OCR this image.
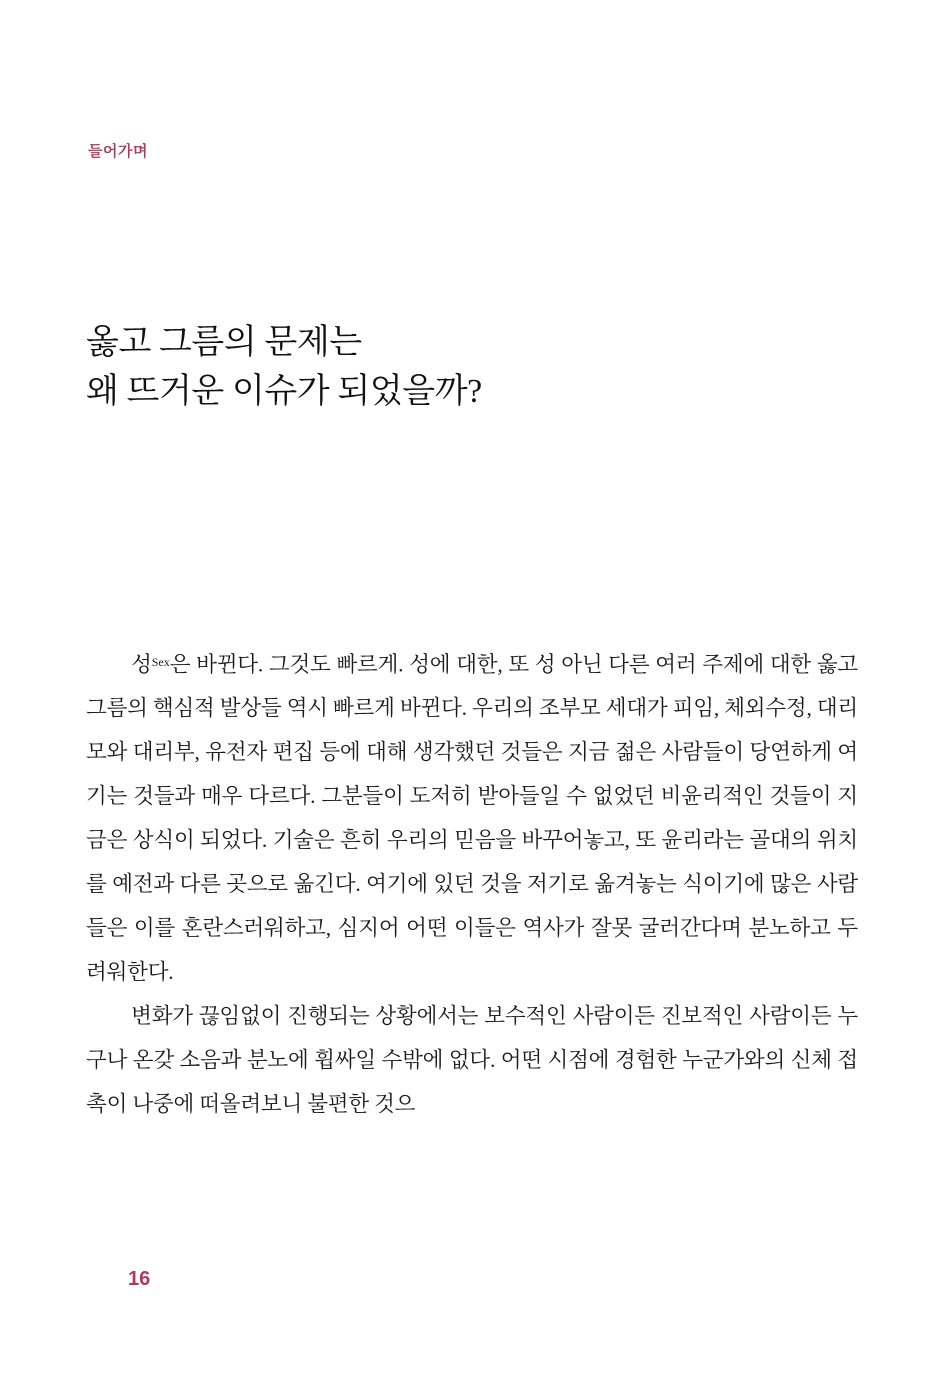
들어가며
옳고 그름의 문제는
왜 뜨거운 이슈가 되었을까?

성$^{Sex}$은 바뀐다. 그것도 빠르게. 성에 대한, 또 성 아닌 다른 여러 주제에 대한 옳고 그름의 핵심적 발상들 역시 빠르게 바뀐다. 우리의 조부모 세대가 피임, 체외수정, 대리모와 대리부, 유전자 편집 등에 대해 생각했던 것들은 지금 젊은 사람들이 당연하게 여기는 것들과 매우 다르다. 그분들이 도저히 받아들일 수 없었던 비윤리적인 것들이 지금은 상식이 되었다. 기술은 흔히 우리의 믿음을 바꾸어놓고, 또 윤리라는 골대의 위치를 예전과 다른 곳으로 옮긴다. 여기에 있던 것을 저기로 옮겨놓는 식이기에 많은 사람들은 이를 혼란스러워하고, 심지어 어떤 이들은 역사가 잘못 굴러간다며 분노하고 두려워한다.

변화가 끊임없이 진행되는 상황에서는 보수적인 사람이든 진보적인 사람이든 누구나 온갖 소음과 분노에 휩싸일 수밖에 없다. 어떤 시점에 경험한 누군가와의 신체 접촉이 나중에 떠올려보니 불편한 것으

16
